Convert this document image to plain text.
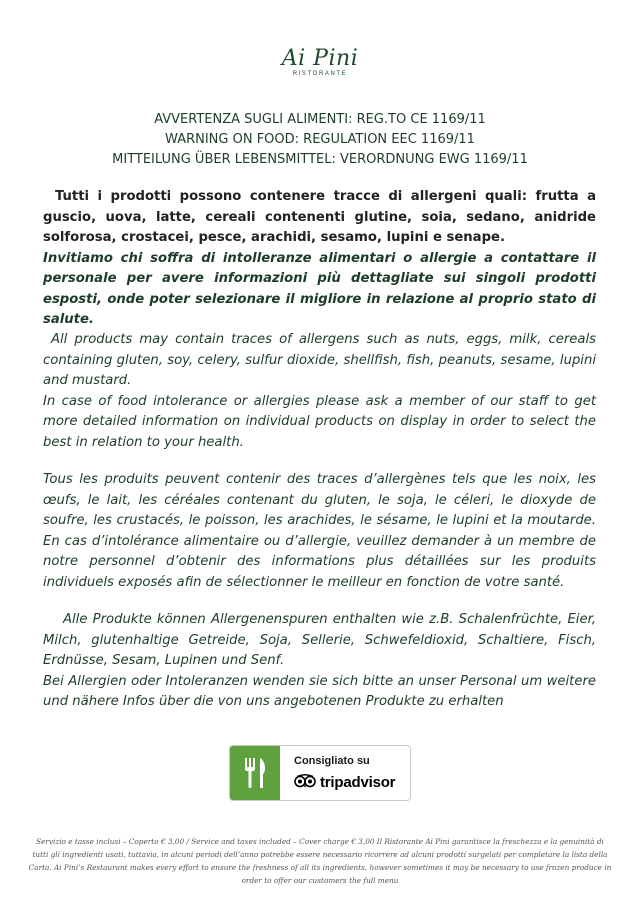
Ai Pini
RISTORANTE
AVVERTENZA SUGLI ALIMENTI: REG.TO CE 1169/11
WARNING ON FOOD: REGULATION EEC 1169/11
MITTEILUNG ÜBER LEBENSMITTEL: VERORDNUNG EWG 1169/11
Tutti i prodotti possono contenere tracce di allergeni quali: frutta a guscio, uova, latte, cereali contenenti glutine, soia, sedano, anidride solforosa, crostacei, pesce, arachidi, sesamo, lupini e senape.
Invitiamo chi soffra di intolleranze alimentari o allergie a contattare il personale per avere informazioni più dettagliate sui singoli prodotti esposti, onde poter selezionare il migliore in relazione al proprio stato di salute.
All products may contain traces of allergens such as nuts, eggs, milk, cereals containing gluten, soy, celery, sulfur dioxide, shellfish, fish, peanuts, sesame, lupini and mustard.
In case of food intolerance or allergies please ask a member of our staff to get more detailed information on individual products on display in order to select the best in relation to your health.
Tous les produits peuvent contenir des traces d’allergènes tels que les noix, les œufs, le lait, les céréales contenant du gluten, le soja, le céleri, le dioxyde de soufre, les crustacés, le poisson, les arachides, le sésame, le lupini et la moutarde. En cas d’intolérance alimentaire ou d’allergie, veuillez demander à un membre de notre personnel d’obtenir des informations plus détaillées sur les produits individuels exposés afin de sélectionner le meilleur en fonction de votre santé.
Alle Produkte können Allergenenspuren enthalten wie z.B. Schalenfrüchte, Eier, Milch, glutenhaltige Getreide, Soja, Sellerie, Schwefeldioxid, Schaltiere, Fisch, Erdnüsse, Sesam, Lupinen und Senf.
Bei Allergien oder Intoleranzen wenden sie sich bitte an unser Personal um weitere und nähere Infos über die von uns angebotenen Produkte zu erhalten
Consigliato su
tripadvisor
Servizio e tasse inclusi – Coperto € 3,00 / Service and taxes included – Cover charge € 3,00 Il Ristorante Ai Pini garantisce la freschezza e la genuinità di tutti gli ingredienti usati, tuttavia, in alcuni periodi dell’anno potrebbe essere necessario ricorrere ad alcuni prodotti surgelati per completare la lista della Carta. Ai Pini’s Restaurant makes every effort to ensure the freshness of all its ingredients, however sometimes it may be necessary to use frozen produce in order to offer our customers the full menu
